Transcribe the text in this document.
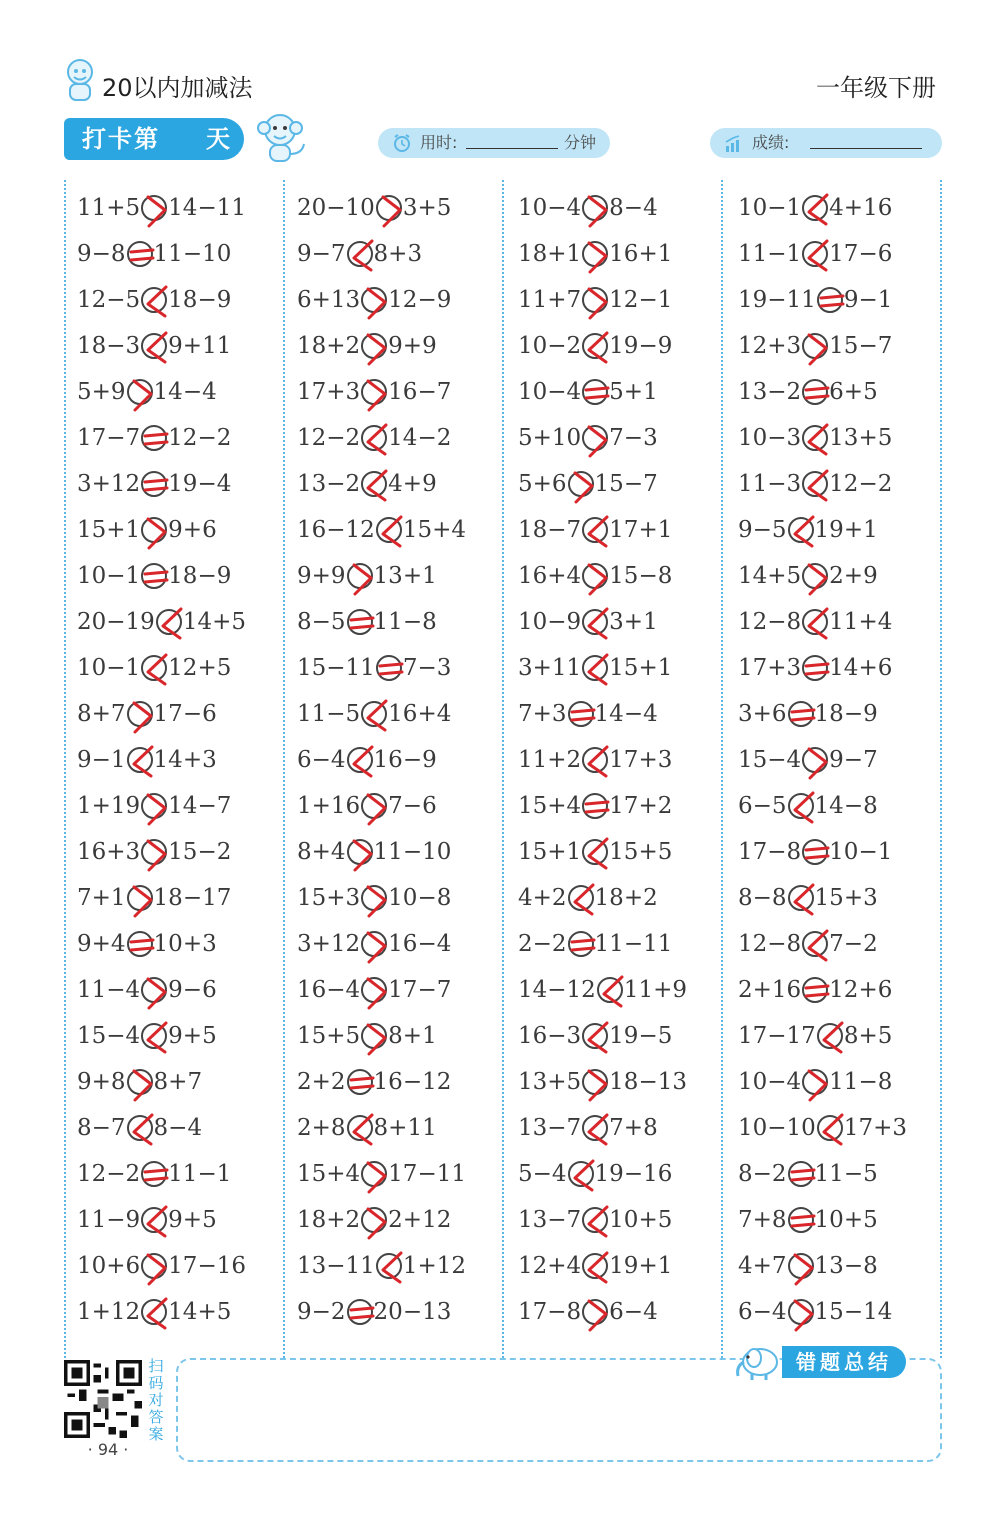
20以内加减法	一年级下册
打卡第 天	用时:	分钟	成绩:
11+5 14−11
9−8 11−10
12−5 18−9
18−3 9+11
5+9 14−4
17−7 12−2
3+12 19−4
15+1 9+6
10−1 18−9
20−19 14+5
10−1 12+5
8+7 17−6
9−1 14+3
1+19 14−7
16+3 15−2
7+1 18−17
9+4 10+3
11−4 9−6
15−4 9+5
9+8 8+7
8−7 8−4
12−2 11−1
11−9 9+5
10+6 17−16
1+12 14+5
20−10 3+5
9−7 8+3
6+13 12−9
18+2 9+9
17+3 16−7
12−2 14−2
13−2 4+9
16−12 15+4
9+9 13+1
8−5 11−8
15−11 7−3
11−5 16+4
6−4 16−9
1+16 7−6
8+4 11−10
15+3 10−8
3+12 16−4
16−4 17−7
15+5 8+1
2+2 16−12
2+8 8+11
15+4 17−11
18+2 2+12
13−11 1+12
9−2 20−13
10−4 8−4
18+1 16+1
11+7 12−1
10−2 19−9
10−4 5+1
5+10 7−3
5+6 15−7
18−7 17+1
16+4 15−8
10−9 3+1
3+11 15+1
7+3 14−4
11+2 17+3
15+4 17+2
15+1 15+5
4+2 18+2
2−2 11−11
14−12 11+9
16−3 19−5
13+5 18−13
13−7 7+8
5−4 19−16
13−7 10+5
12+4 19+1
17−8 6−4
10−1 4+16
11−1 17−6
19−11 9−1
12+3 15−7
13−2 6+5
10−3 13+5
11−3 12−2
9−5 19+1
14+5 2+9
12−8 11+4
17+3 14+6
3+6 18−9
15−4 9−7
6−5 14−8
17−8 10−1
8−8 15+3
12−8 7−2
2+16 12+6
17−17 8+5
10−4 11−8
10−10 17+3
8−2 11−5
7+8 10+5
4+7 13−8
6−4 15−14
扫码对答案
· 94 ·
错题总结
